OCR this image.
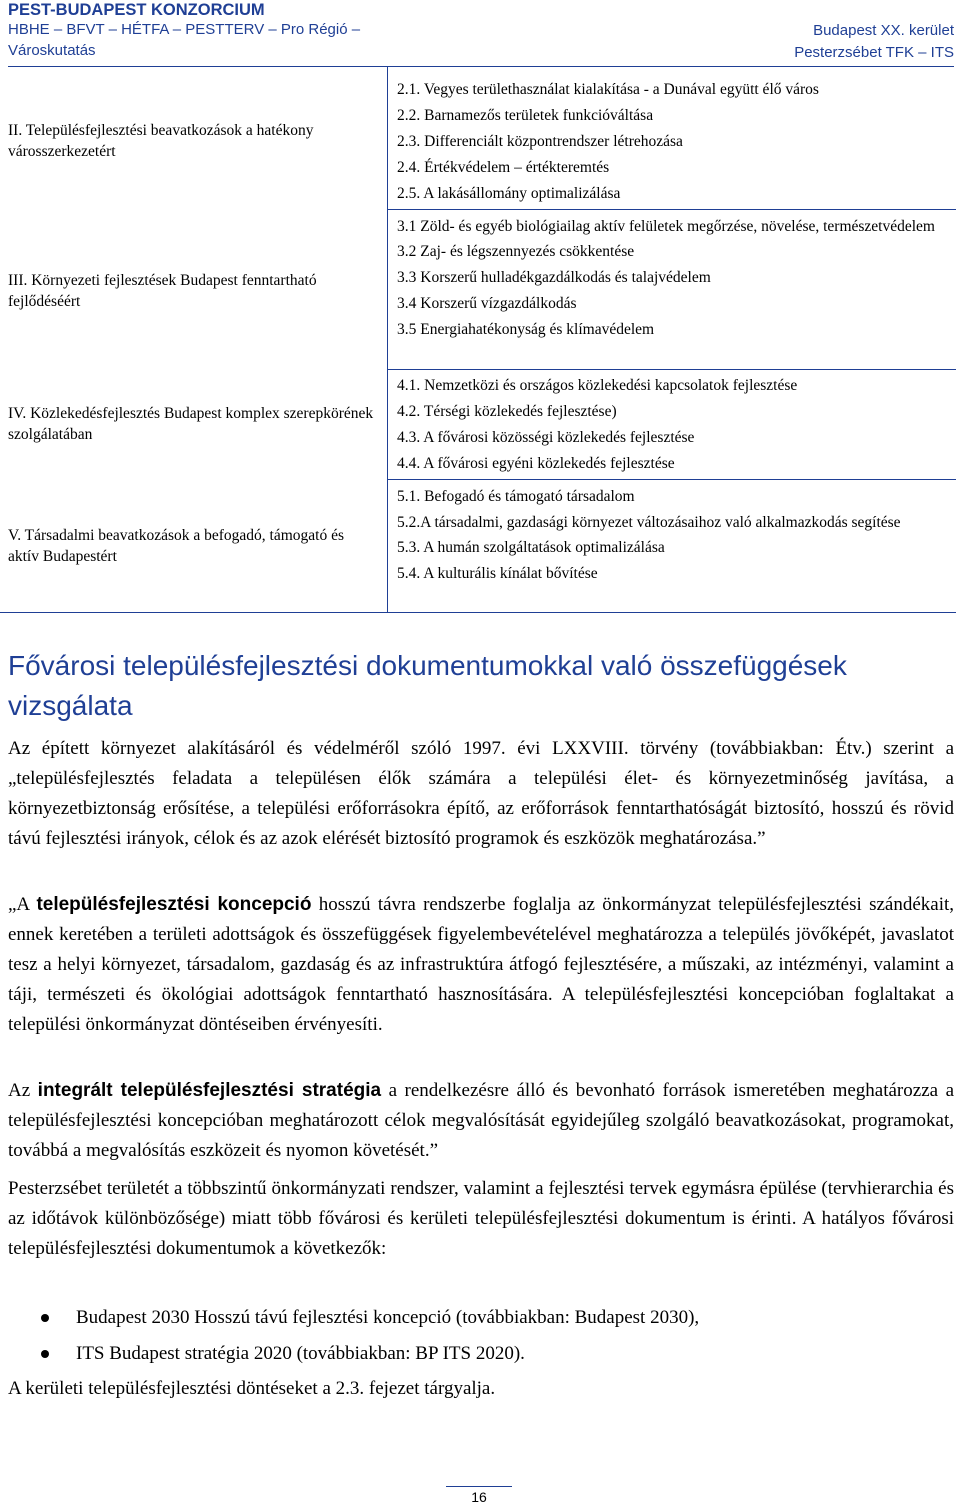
PEST-BUDAPEST KONZORCIUM
HBHE – BFVT – HÉTFA – PESTTERV – Pro Régió –
Városkutatás
Budapest XX. kerület
Pesterzsébet TFK – ITS
II. Településfejlesztési beavatkozások a hatékony városszerkezetért
2.1. Vegyes területhasználat kialakítása - a Dunával együtt élő város
2.2. Barnamezős területek funkcióváltása
2.3. Differenciált központrendszer létrehozása
2.4. Értékvédelem – értékteremtés
2.5. A lakásállomány optimalizálása
III. Környezeti fejlesztések Budapest fenntartható fejlődéséért
3.1 Zöld- és egyéb biológiailag aktív felületek megőrzése, növelése, természetvédelem
3.2 Zaj- és légszennyezés csökkentése
3.3 Korszerű hulladékgazdálkodás és talajvédelem
3.4 Korszerű vízgazdálkodás
3.5 Energiahatékonyság és klímavédelem
IV. Közlekedésfejlesztés Budapest komplex szerepkörének szolgálatában
4.1. Nemzetközi és országos közlekedési kapcsolatok fejlesztése
4.2. Térségi közlekedés fejlesztése)
4.3. A fővárosi közösségi közlekedés fejlesztése
4.4. A fővárosi egyéni közlekedés fejlesztése
V. Társadalmi beavatkozások a befogadó, támogató és aktív Budapestért
5.1. Befogadó és támogató társadalom
5.2.A társadalmi, gazdasági környezet változásaihoz való alkalmazkodás segítése
5.3. A humán szolgáltatások optimalizálása
5.4. A kulturális kínálat bővítése
Fővárosi településfejlesztési dokumentumokkal való összefüggések vizsgálata
Az épített környezet alakításáról és védelméről szóló 1997. évi LXXVIII. törvény (továbbiakban: Étv.) szerint a „településfejlesztés feladata a településen élők számára a települési élet- és környezetminőség javítása, a környezetbiztonság erősítése, a települési erőforrásokra építő, az erőforrások fenntarthatóságát biztosító, hosszú és rövid távú fejlesztési irányok, célok és az azok elérését biztosító programok és eszközök meghatározása.”
„A településfejlesztési koncepció hosszú távra rendszerbe foglalja az önkormányzat településfejlesztési szándékait, ennek keretében a területi adottságok és összefüggések figyelembevételével meghatározza a település jövőképét, javaslatot tesz a helyi környezet, társadalom, gazdaság és az infrastruktúra átfogó fejlesztésére, a műszaki, az intézményi, valamint a táji, természeti és ökológiai adottságok fenntartható hasznosítására. A településfejlesztési koncepcióban foglaltakat a települési önkormányzat döntéseiben érvényesíti.
Az integrált településfejlesztési stratégia a rendelkezésre álló és bevonható források ismeretében meghatározza a településfejlesztési koncepcióban meghatározott célok megvalósítását egyidejűleg szolgáló beavatkozásokat, programokat, továbbá a megvalósítás eszközeit és nyomon követését.”
Pesterzsébet területét a többszintű önkormányzati rendszer, valamint a fejlesztési tervek egymásra épülése (tervhierarchia és az időtávok különbözősége) miatt több fővárosi és kerületi településfejlesztési dokumentum is érinti. A hatályos fővárosi településfejlesztési dokumentumok a következők:
Budapest 2030 Hosszú távú fejlesztési koncepció (továbbiakban: Budapest 2030),
ITS Budapest stratégia 2020 (továbbiakban: BP ITS 2020).
A kerületi településfejlesztési döntéseket a 2.3. fejezet tárgyalja.
16
